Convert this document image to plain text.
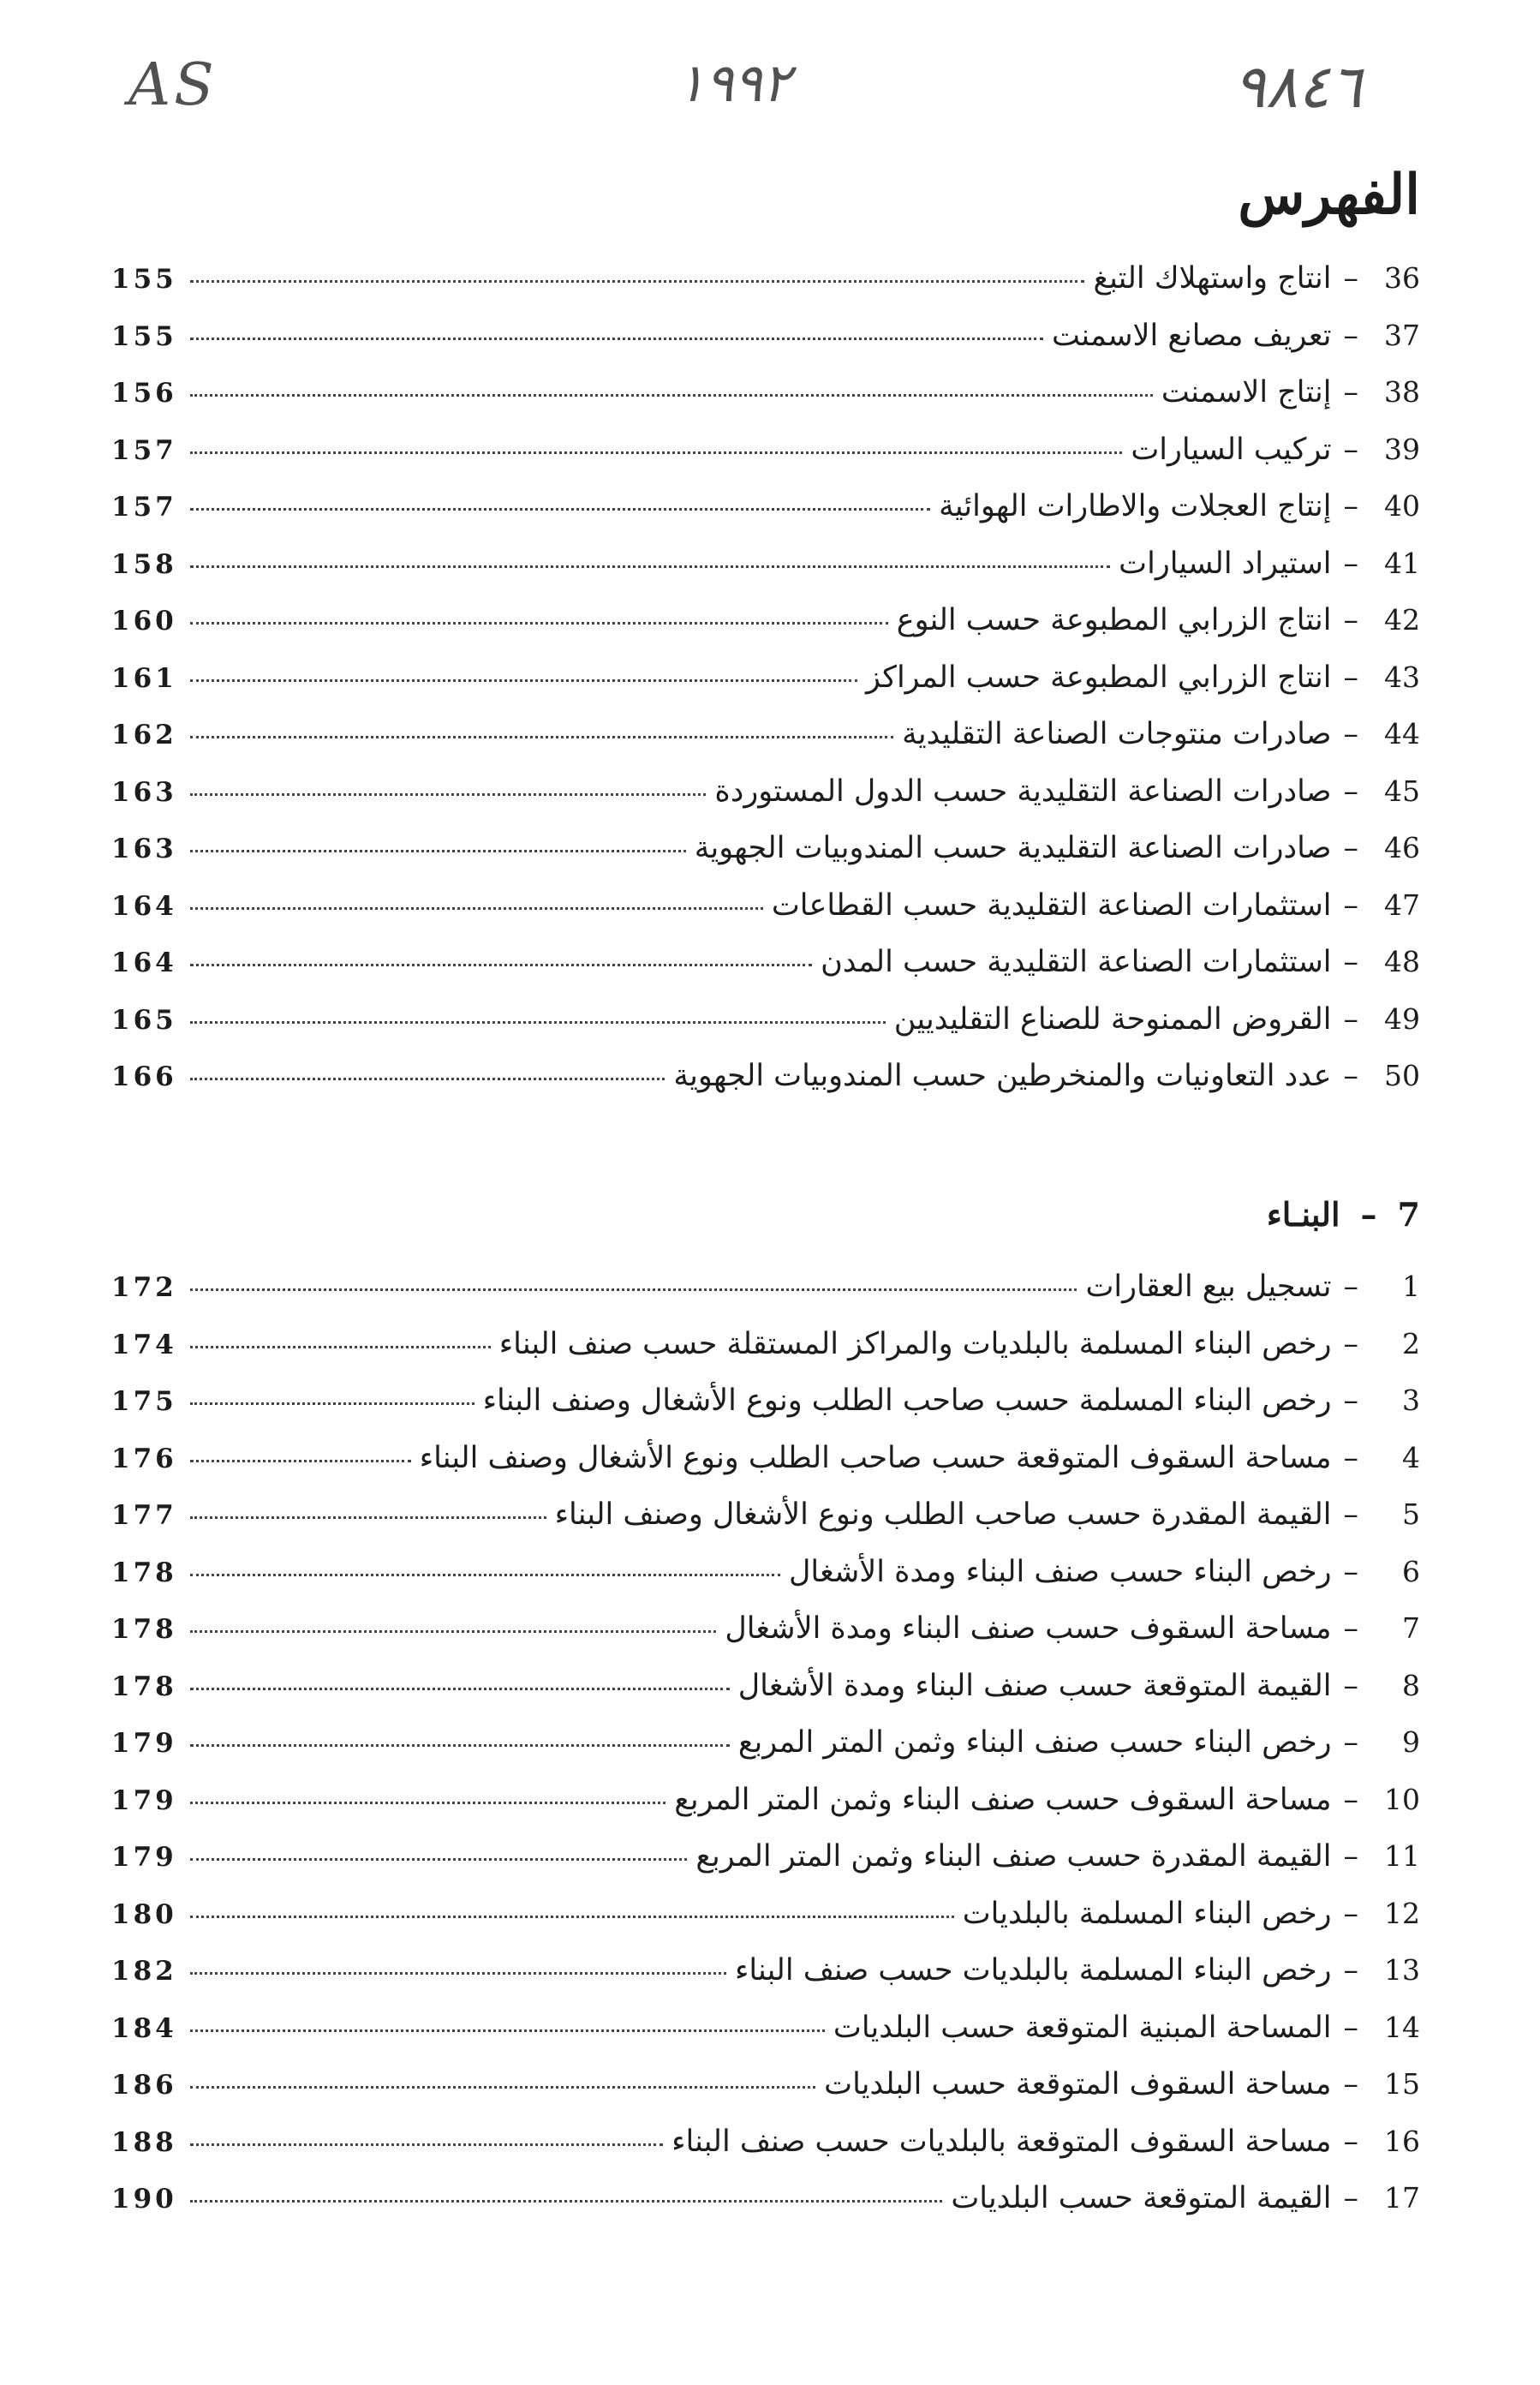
AS	١٩٩٢	٩٨٤٦
الفهرس
36
–
انتاج واستهلاك التبغ
155
37
–
تعريف مصانع الاسمنت
155
38
–
إنتاج الاسمنت
156
39
–
تركيب السيارات
157
40
–
إنتاج العجلات والاطارات الهوائية
157
41
–
استيراد السيارات
158
42
–
انتاج الزرابي المطبوعة حسب النوع
160
43
–
انتاج الزرابي المطبوعة حسب المراكز
161
44
–
صادرات منتوجات الصناعة التقليدية
162
45
–
صادرات الصناعة التقليدية حسب الدول المستوردة
163
46
–
صادرات الصناعة التقليدية حسب المندوبيات الجهوية
163
47
–
استثمارات الصناعة التقليدية حسب القطاعات
164
48
–
استثمارات الصناعة التقليدية حسب المدن
164
49
–
القروض الممنوحة للصناع التقليديين
165
50
–
عدد التعاونيات والمنخرطين حسب المندوبيات الجهوية
166
7–البنـاء
1
–
تسجيل بيع العقارات
172
2
–
رخص البناء المسلمة بالبلديات والمراكز المستقلة حسب صنف البناء
174
3
–
رخص البناء المسلمة حسب صاحب الطلب ونوع الأشغال وصنف البناء
175
4
–
مساحة السقوف المتوقعة حسب صاحب الطلب ونوع الأشغال وصنف البناء
176
5
–
القيمة المقدرة حسب صاحب الطلب ونوع الأشغال وصنف البناء
177
6
–
رخص البناء حسب صنف البناء ومدة الأشغال
178
7
–
مساحة السقوف حسب صنف البناء ومدة الأشغال
178
8
–
القيمة المتوقعة حسب صنف البناء ومدة الأشغال
178
9
–
رخص البناء حسب صنف البناء وثمن المتر المربع
179
10
–
مساحة السقوف حسب صنف البناء وثمن المتر المربع
179
11
–
القيمة المقدرة حسب صنف البناء وثمن المتر المربع
179
12
–
رخص البناء المسلمة بالبلديات
180
13
–
رخص البناء المسلمة بالبلديات حسب صنف البناء
182
14
–
المساحة المبنية المتوقعة حسب البلديات
184
15
–
مساحة السقوف المتوقعة حسب البلديات
186
16
–
مساحة السقوف المتوقعة بالبلديات حسب صنف البناء
188
17
–
القيمة المتوقعة حسب البلديات
190
